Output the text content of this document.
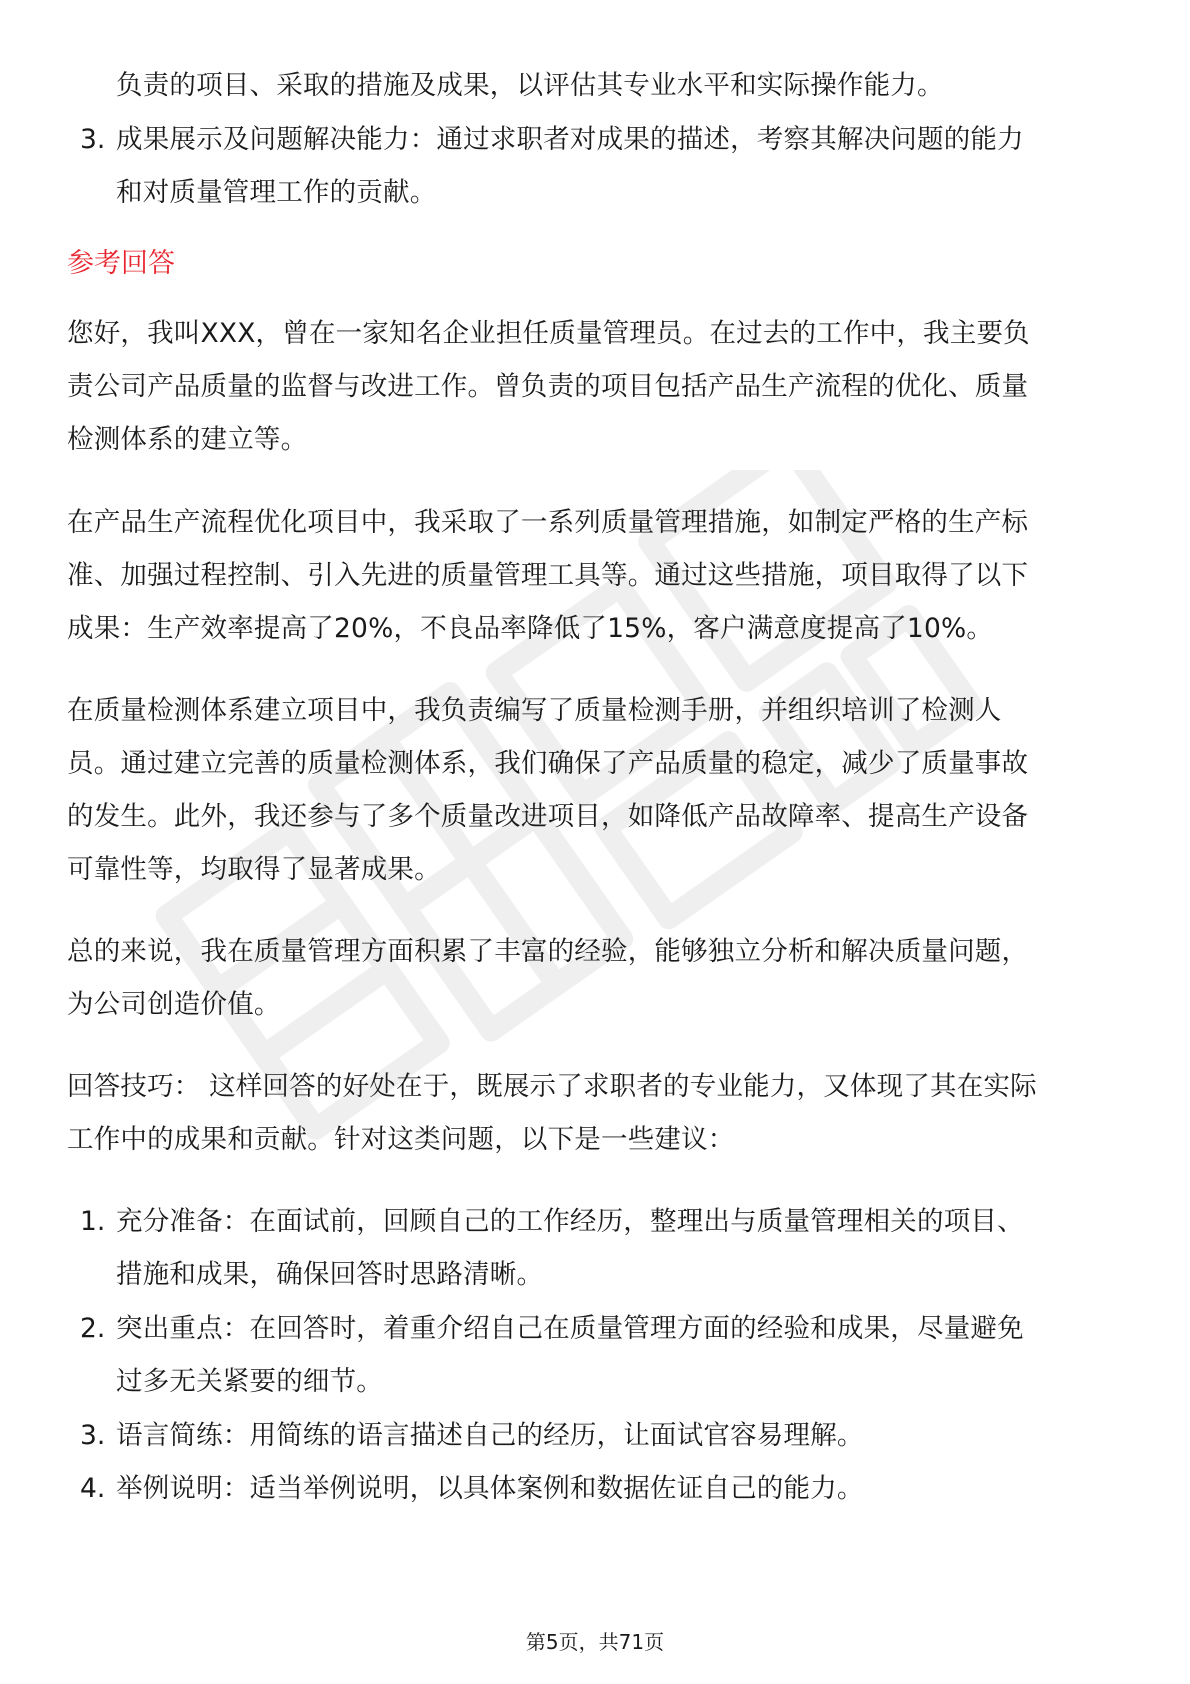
负责的项目、采取的措施及成果，以评估其专业水平和实际操作能力。
3. 成果展示及问题解决能力：通过求职者对成果的描述，考察其解决问题的能力
和对质量管理工作的贡献。
参考回答
您好，我叫XXX，曾在一家知名企业担任质量管理员。在过去的工作中，我主要负
责公司产品质量的监督与改进工作。曾负责的项目包括产品生产流程的优化、质量
检测体系的建立等。
在产品生产流程优化项目中，我采取了一系列质量管理措施，如制定严格的生产标
准、加强过程控制、引入先进的质量管理工具等。通过这些措施，项目取得了以下
成果：生产效率提高了20%，不良品率降低了15%，客户满意度提高了10%。
在质量检测体系建立项目中，我负责编写了质量检测手册，并组织培训了检测人
员。通过建立完善的质量检测体系，我们确保了产品质量的稳定，减少了质量事故
的发生。此外，我还参与了多个质量改进项目，如降低产品故障率、提高生产设备
可靠性等，均取得了显著成果。
总的来说，我在质量管理方面积累了丰富的经验，能够独立分析和解决质量问题，
为公司创造价值。
回答技巧： 这样回答的好处在于，既展示了求职者的专业能力，又体现了其在实际
工作中的成果和贡献。针对这类问题，以下是一些建议：
1. 充分准备：在面试前，回顾自己的工作经历，整理出与质量管理相关的项目、
措施和成果，确保回答时思路清晰。
2. 突出重点：在回答时，着重介绍自己在质量管理方面的经验和成果，尽量避免
过多无关紧要的细节。
3. 语言简练：用简练的语言描述自己的经历，让面试官容易理解。
4. 举例说明：适当举例说明，以具体案例和数据佐证自己的能力。
第5页，共71页
